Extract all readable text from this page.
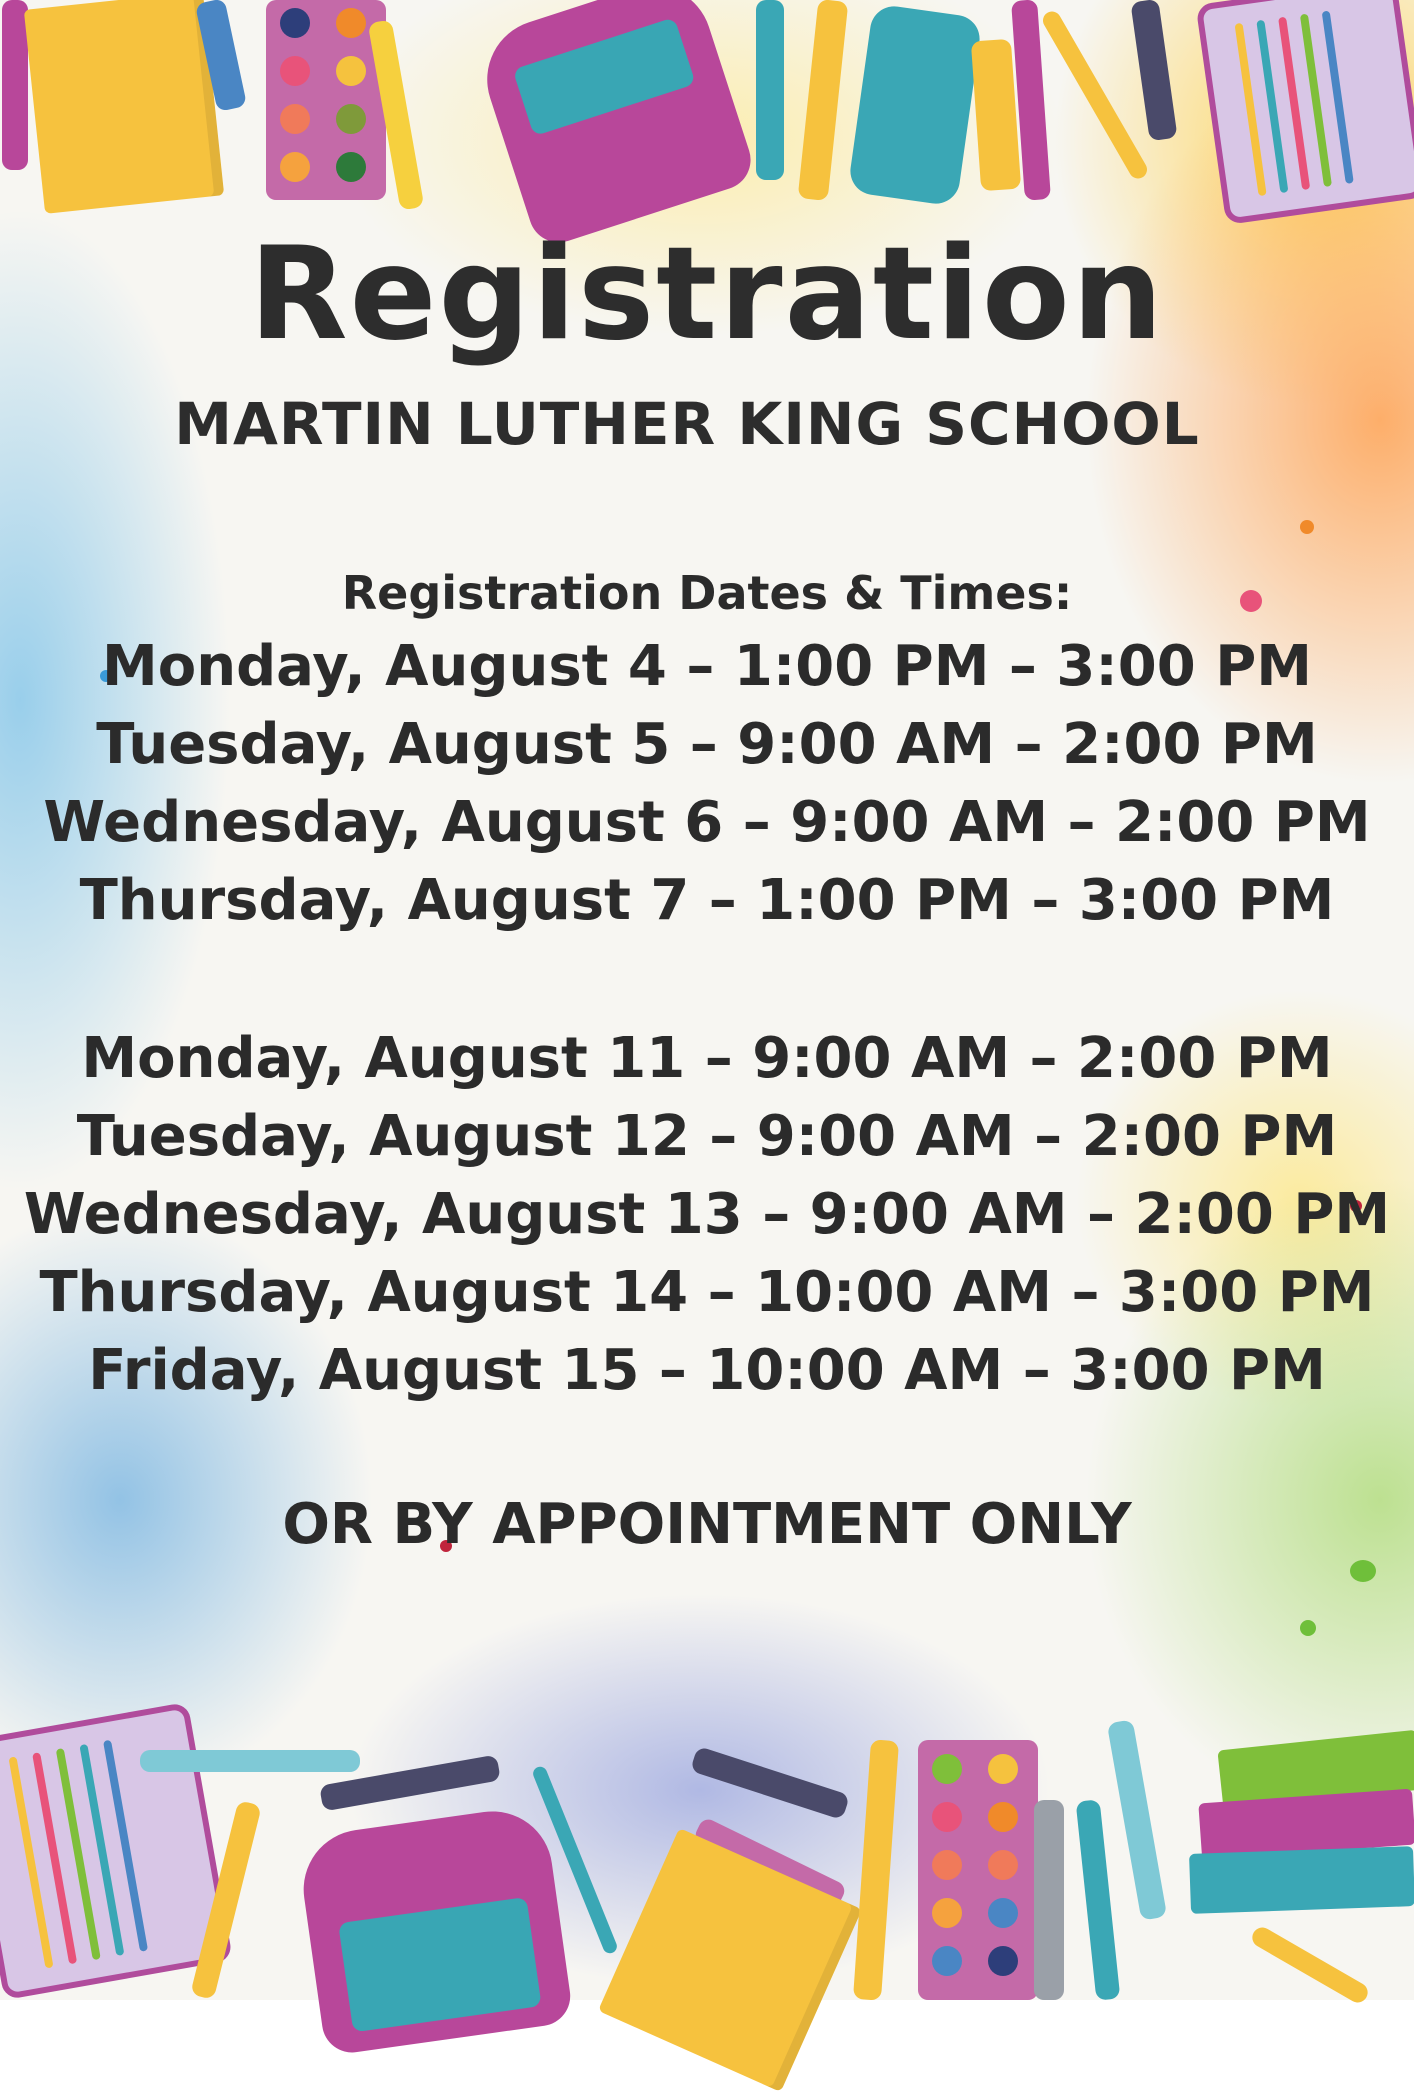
Registration
MARTIN LUTHER KING SCHOOL
Registration Dates & Times:
Monday, August 4 – 1:00 PM – 3:00 PM
Tuesday, August 5 – 9:00 AM – 2:00 PM
Wednesday, August 6 – 9:00 AM – 2:00 PM
Thursday, August 7 – 1:00 PM – 3:00 PM
Monday, August 11 – 9:00 AM – 2:00 PM
Tuesday, August 12 – 9:00 AM – 2:00 PM
Wednesday, August 13 – 9:00 AM – 2:00 PM
Thursday, August 14 – 10:00 AM – 3:00 PM
Friday, August 15 – 10:00 AM – 3:00 PM
OR BY APPOINTMENT ONLY
